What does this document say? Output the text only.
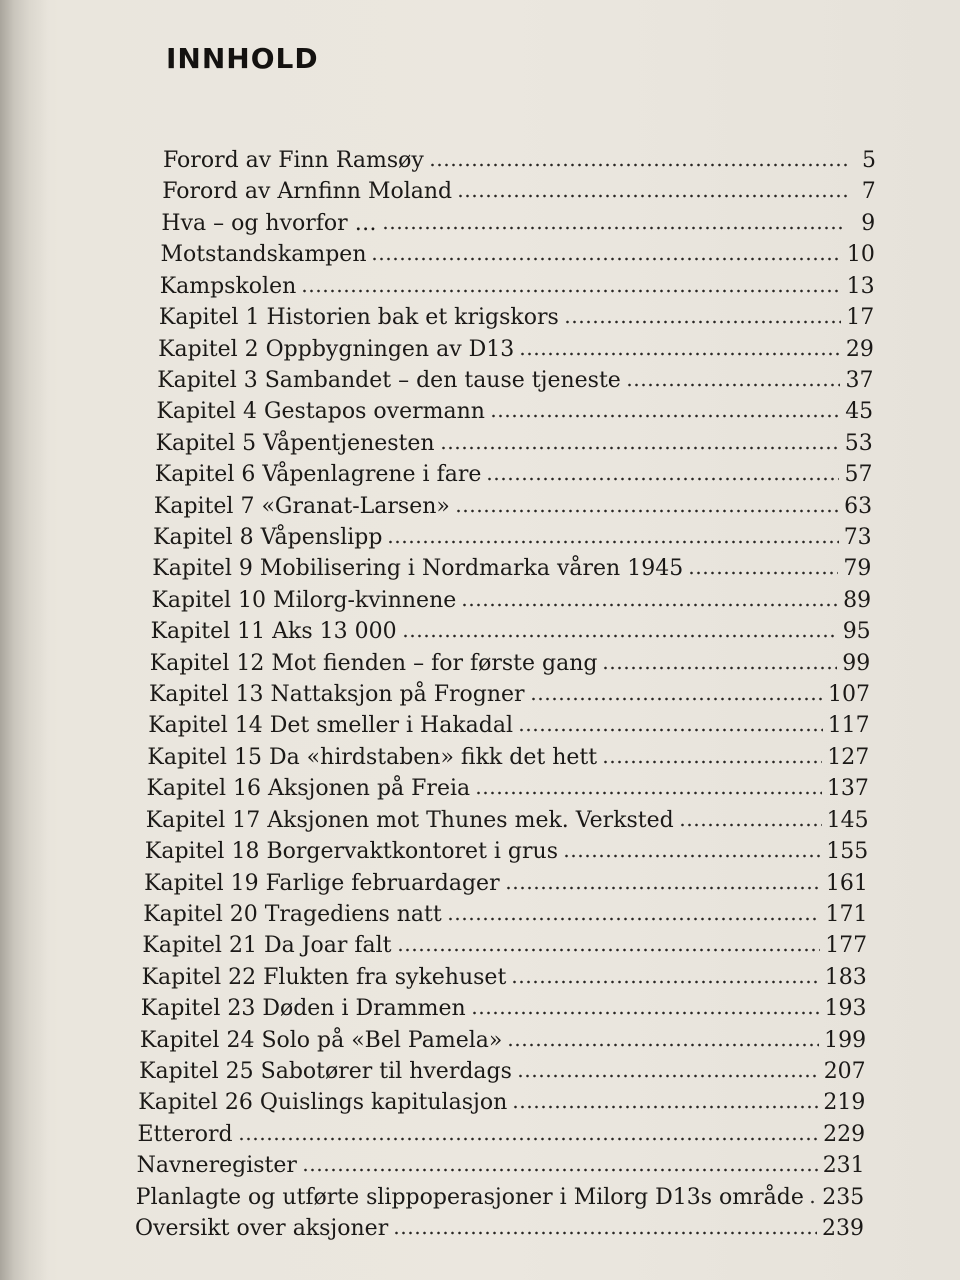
INNHOLD
Forord av Finn Ramsøy	5
Forord av Arnfinn Moland	7
Hva – og hvorfor …	9
Motstandskampen	10
Kampskolen	13
Kapitel 1 Historien bak et krigskors	17
Kapitel 2 Oppbygningen av D13	29
Kapitel 3 Sambandet – den tause tjeneste	37
Kapitel 4 Gestapos overmann	45
Kapitel 5 Våpentjenesten	53
Kapitel 6 Våpenlagrene i fare	57
Kapitel 7 «Granat-Larsen»	63
Kapitel 8 Våpenslipp	73
Kapitel 9 Mobilisering i Nordmarka våren 1945	79
Kapitel 10 Milorg-kvinnene	89
Kapitel 11 Aks 13 000	95
Kapitel 12 Mot fienden – for første gang	99
Kapitel 13 Nattaksjon på Frogner	107
Kapitel 14 Det smeller i Hakadal	117
Kapitel 15 Da «hirdstaben» fikk det hett	127
Kapitel 16 Aksjonen på Freia	137
Kapitel 17 Aksjonen mot Thunes mek. Verksted	145
Kapitel 18 Borgervaktkontoret i grus	155
Kapitel 19 Farlige februardager	161
Kapitel 20 Tragediens natt	171
Kapitel 21 Da Joar falt	177
Kapitel 22 Flukten fra sykehuset	183
Kapitel 23 Døden i Drammen	193
Kapitel 24 Solo på «Bel Pamela»	199
Kapitel 25 Sabotører til hverdags	207
Kapitel 26 Quislings kapitulasjon	219
Etterord	229
Navneregister	231
Planlagte og utførte slippoperasjoner i Milorg D13s område 235
Oversikt over aksjoner	239
